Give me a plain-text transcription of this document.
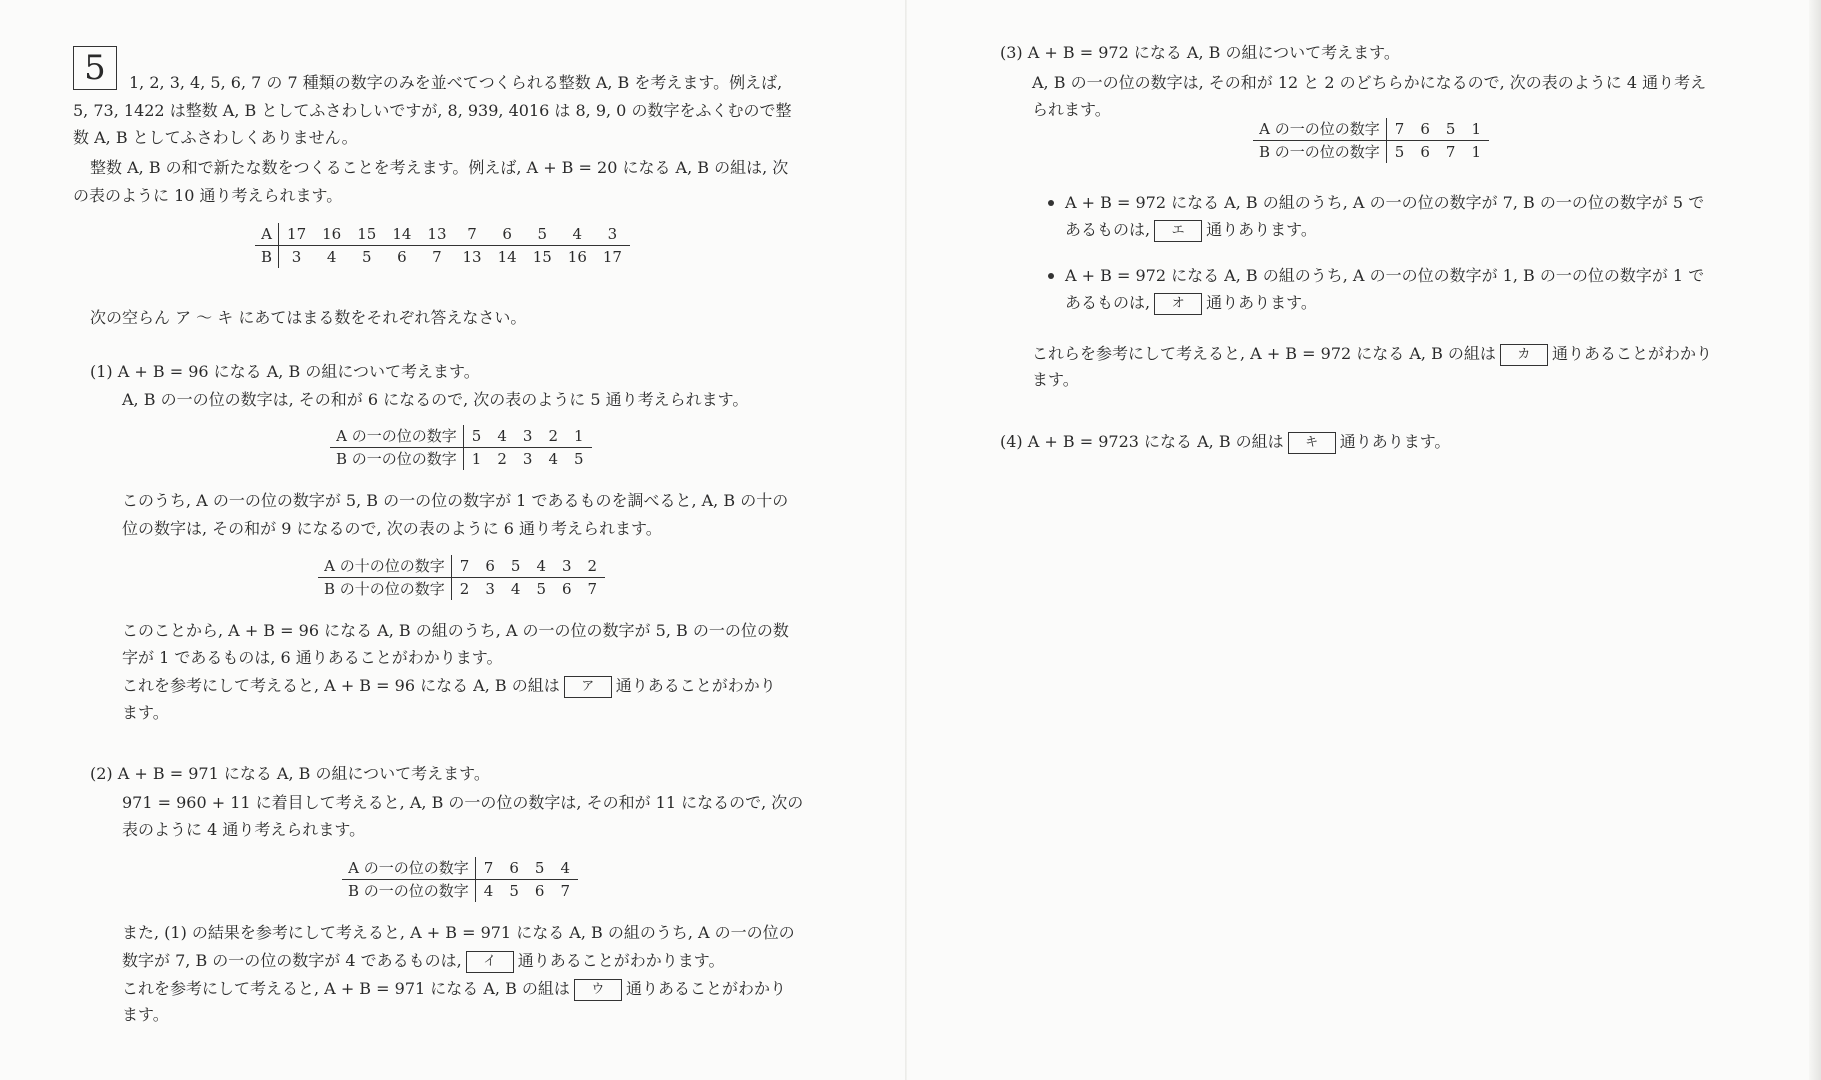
5	1, 2, 3, 4, 5, 6, 7 の 7 種類の数字のみを並べてつくられる整数 A, B を考えます。例えば,
5, 73, 1422 は整数 A, B としてふさわしいですが, 8, 939, 4016 は 8, 9, 0 の数字をふくむので整
数 A, B としてふさわしくありません。
整数 A, B の和で新たな数をつくることを考えます。例えば, A + B = 20 になる A, B の組は, 次
の表のように 10 通り考えられます。
A	17	16	15	14	13	7	6	5	4	3
B	3	4	5	6	7	13	14	15	16	17
次の空らん ア ～ キ にあてはまる数をそれぞれ答えなさい。
(1) A + B = 96 になる A, B の組について考えます。
A, B の一の位の数字は, その和が 6 になるので, 次の表のように 5 通り考えられます。
A の一の位の数字	5	4	3	2	1
B の一の位の数字	1	2	3	4	5
このうち, A の一の位の数字が 5, B の一の位の数字が 1 であるものを調べると, A, B の十の
位の数字は, その和が 9 になるので, 次の表のように 6 通り考えられます。
A の十の位の数字	7	6	5	4	3	2
B の十の位の数字	2	3	4	5	6	7
このことから, A + B = 96 になる A, B の組のうち, A の一の位の数字が 5, B の一の位の数
字が 1 であるものは, 6 通りあることがわかります。
これを参考にして考えると, A + B = 96 になる A, B の組は ア 通りあることがわかり
ます。
(2) A + B = 971 になる A, B の組について考えます。
971 = 960 + 11 に着目して考えると, A, B の一の位の数字は, その和が 11 になるので, 次の
表のように 4 通り考えられます。
A の一の位の数字	7	6	5	4
B の一の位の数字	4	5	6	7
また, (1) の結果を参考にして考えると, A + B = 971 になる A, B の組のうち, A の一の位の
数字が 7, B の一の位の数字が 4 であるものは, イ 通りあることがわかります。
これを参考にして考えると, A + B = 971 になる A, B の組は ウ 通りあることがわかり
ます。
(3) A + B = 972 になる A, B の組について考えます。
A, B の一の位の数字は, その和が 12 と 2 のどちらかになるので, 次の表のように 4 通り考え
られます。
A の一の位の数字	7	6	5	1
B の一の位の数字	5	6	7	1
A + B = 972 になる A, B の組のうち, A の一の位の数字が 7, B の一の位の数字が 5 で
あるものは, エ 通りあります。
A + B = 972 になる A, B の組のうち, A の一の位の数字が 1, B の一の位の数字が 1 で
あるものは, オ 通りあります。
これらを参考にして考えると, A + B = 972 になる A, B の組は カ 通りあることがわかり
ます。
(4) A + B = 9723 になる A, B の組は キ 通りあります。
